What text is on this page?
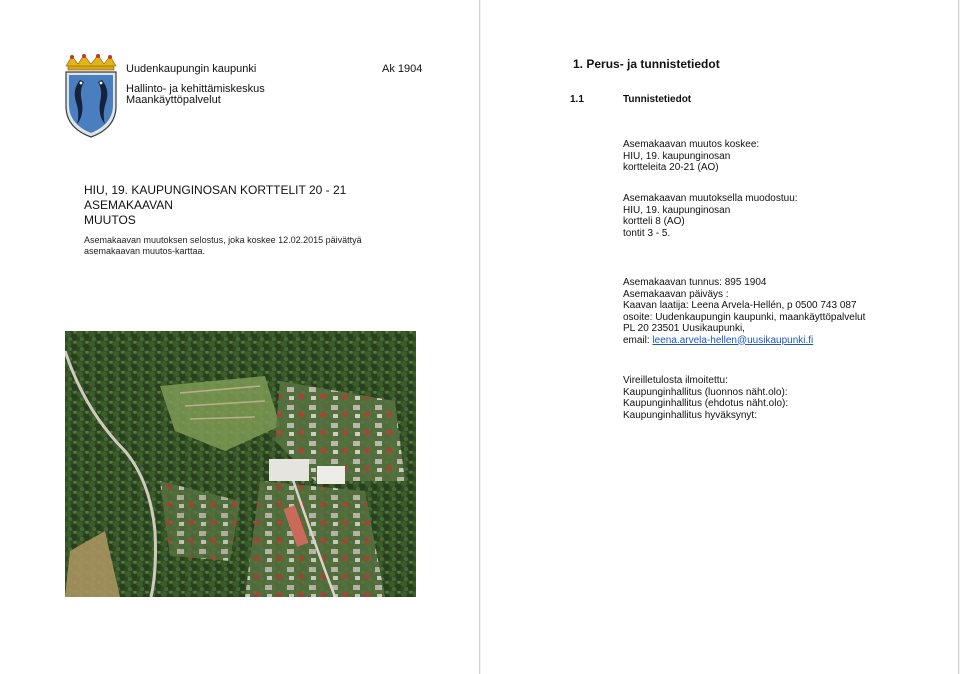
Uudenkaupungin kaupunki	Ak 1904

Hallinto- ja kehittämiskeskus

Maankäyttöpalvelut

HIU, 19. KAUPUNGINOSAN KORTTELIT 20 - 21ASEMAKAAVAN
MUUTOS

Asemakaavan muutoksen selostus, joka koskee 12.02.2015 päivättyä asemakaavan muutos-karttaa.

1. Perus- ja tunnistetiedot

1.1	Tunnistetiedot

Asemakaavan muutos koskee:
HIU, 19. kaupunginosan
kortteleita 20-21 (AO)
Asemakaavan muutoksella muodostuu:
HIU, 19. kaupunginosan
kortteli 8 (AO)
tontit 3 - 5.
Asemakaavan tunnus: 895 1904
Asemakaavan päiväys :
Kaavan laatija: Leena Arvela-Hellén, p 0500 743 087
osoite: Uudenkaupungin kaupunki, maankäyttöpalvelut
PL 20 23501 Uusikaupunki,
email: leena.arvela-hellen@uusikaupunki.fi
Vireilletulosta ilmoitettu:
Kaupunginhallitus (luonnos näht.olo):
Kaupunginhallitus (ehdotus näht.olo):
Kaupunginhallitus hyväksynyt:
